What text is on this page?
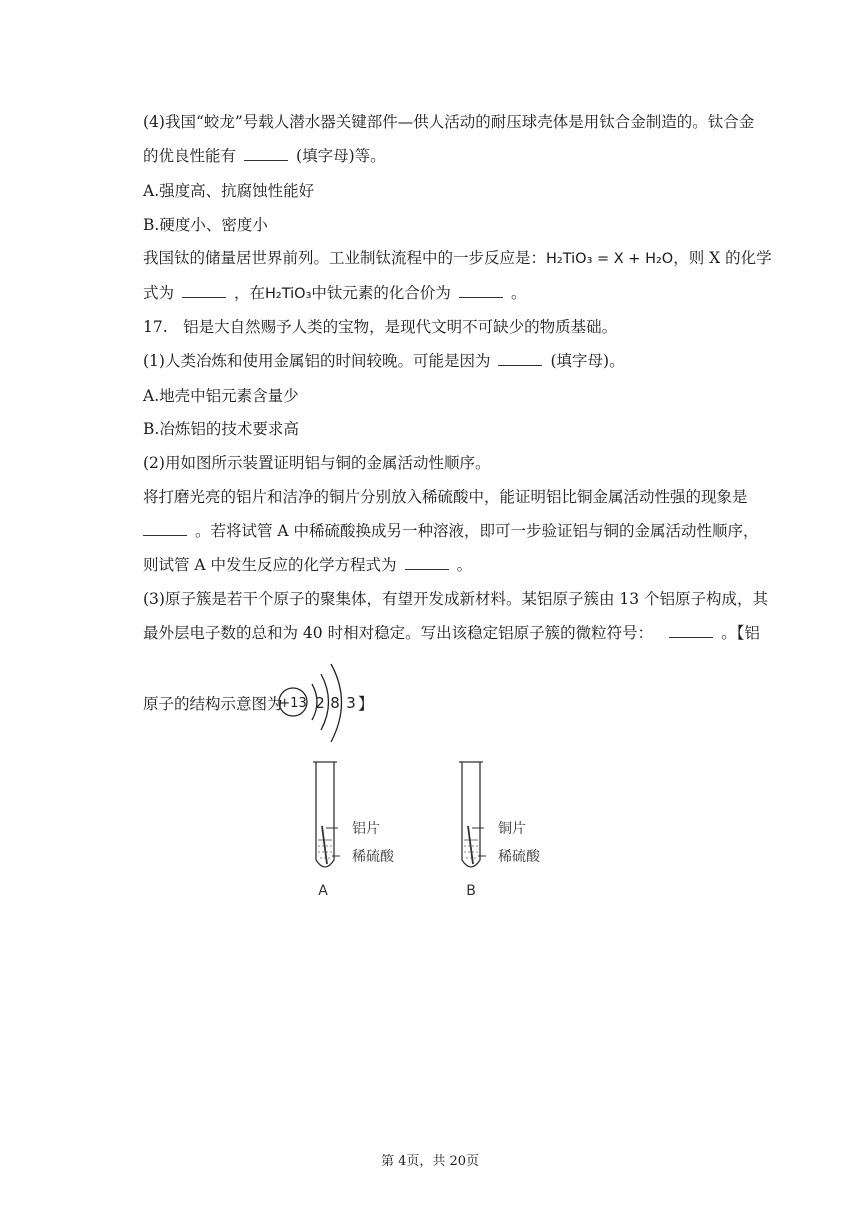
(4)我国“蛟龙”号载人潜水器关键部件—供人活动的耐压球壳体是用钛合金制造的。钛合金
的优良性能有	(填字母)等。
A.强度高、抗腐蚀性能好
B.硬度小、密度小
我国钛的储量居世界前列。工业制钛流程中的一步反应是：H₂TiO₃ = X + H₂O，则 X 的化学
式为	，在H₂TiO₃中钛元素的化合价为	。
17.　铝是大自然赐予人类的宝物，是现代文明不可缺少的物质基础。
(1)人类冶炼和使用金属铝的时间较晚。可能是因为	(填字母)。
A.地壳中铝元素含量少
B.冶炼铝的技术要求高
(2)用如图所示装置证明铝与铜的金属活动性顺序。
将打磨光亮的铝片和洁净的铜片分别放入稀硫酸中，能证明铝比铜金属活动性强的现象是
。若将试管 A 中稀硫酸换成另一种溶液，即可一步验证铝与铜的金属活动性顺序，
则试管 A 中发生反应的化学方程式为	。
(3)原子簇是若干个原子的聚集体，有望开发成新材料。某铝原子簇由 13 个铝原子构成，其
最外层电子数的总和为 40 时相对稳定。写出该稳定铝原子簇的微粒符号：	。【铝
原子的结构示意图为	】
+13 2 8 3
铝片
稀硫酸
A
铜片
稀硫酸
B
第 4页，共 20页
